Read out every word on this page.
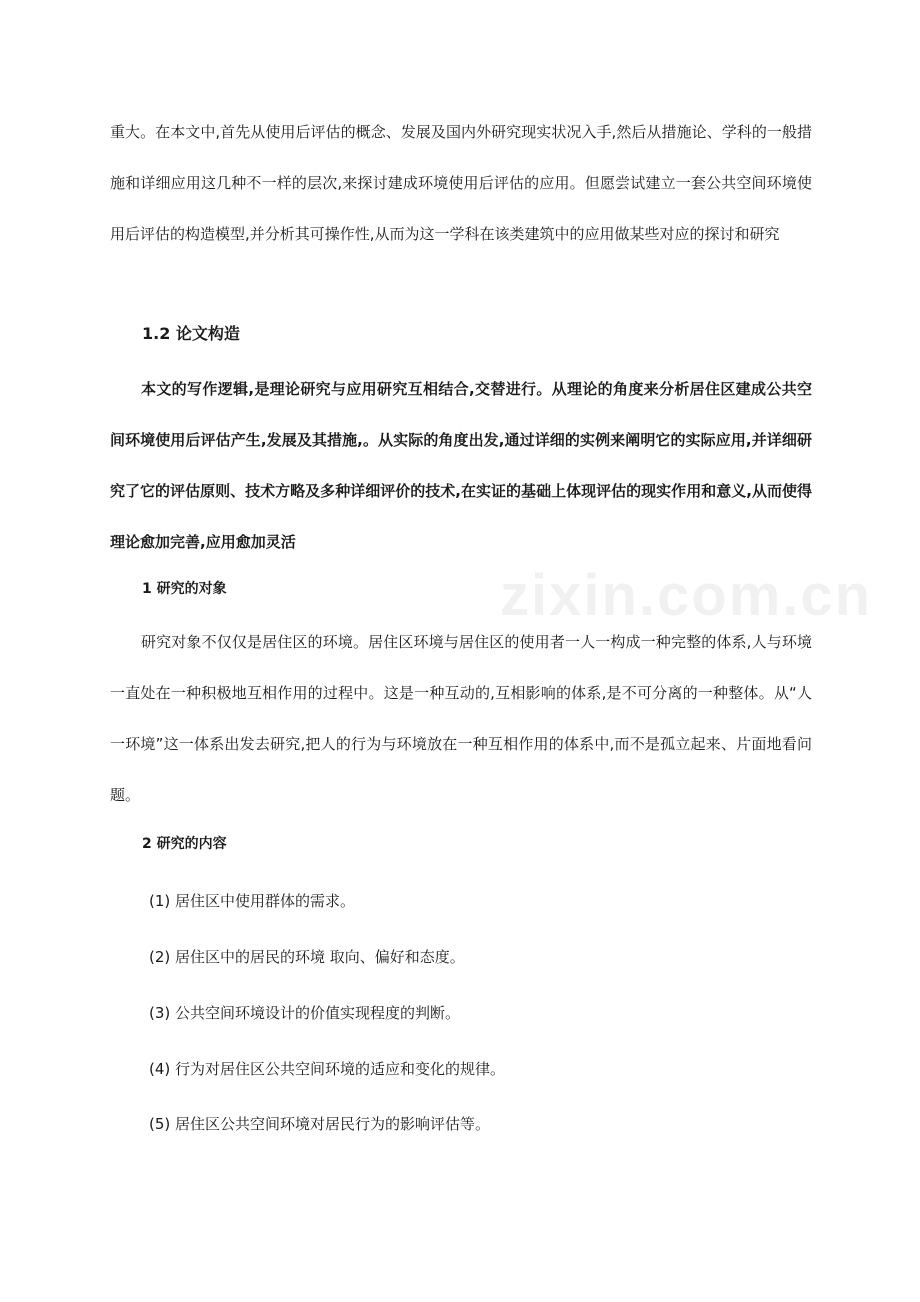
重大。在本文中,首先从使用后评估的概念、发展及国内外研究现实状况入手,然后从措施论、学科的一般措施和详细应用这几种不一样的层次,来探讨建成环境使用后评估的应用。但愿尝试建立一套公共空间环境使用后评估的构造模型,并分析其可操作性,从而为这一学科在该类建筑中的应用做某些对应的探讨和研究

1.2 论文构造

本文的写作逻辑,是理论研究与应用研究互相结合,交替进行。从理论的角度来分析居住区建成公共空间环境使用后评估产生,发展及其措施,。从实际的角度出发,通过详细的实例来阐明它的实际应用,并详细研究了它的评估原则、技术方略及多种详细评价的技术,在实证的基础上体现评估的现实作用和意义,从而使得理论愈加完善,应用愈加灵活

1 研究的对象

研究对象不仅仅是居住区的环境。居住区环境与居住区的使用者一人一构成一种完整的体系,人与环境一直处在一种积极地互相作用的过程中。这是一种互动的,互相影响的体系,是不可分离的一种整体。从“人一环境”这一体系出发去研究,把人的行为与环境放在一种互相作用的体系中,而不是孤立起来、片面地看问题。

2 研究的内容

(1) 居住区中使用群体的需求。

(2) 居住区中的居民的环境 取向、偏好和态度。

(3) 公共空间环境设计的价值实现程度的判断。

(4) 行为对居住区公共空间环境的适应和变化的规律。

(5) 居住区公共空间环境对居民行为的影响评估等。

zixin.com.cn
